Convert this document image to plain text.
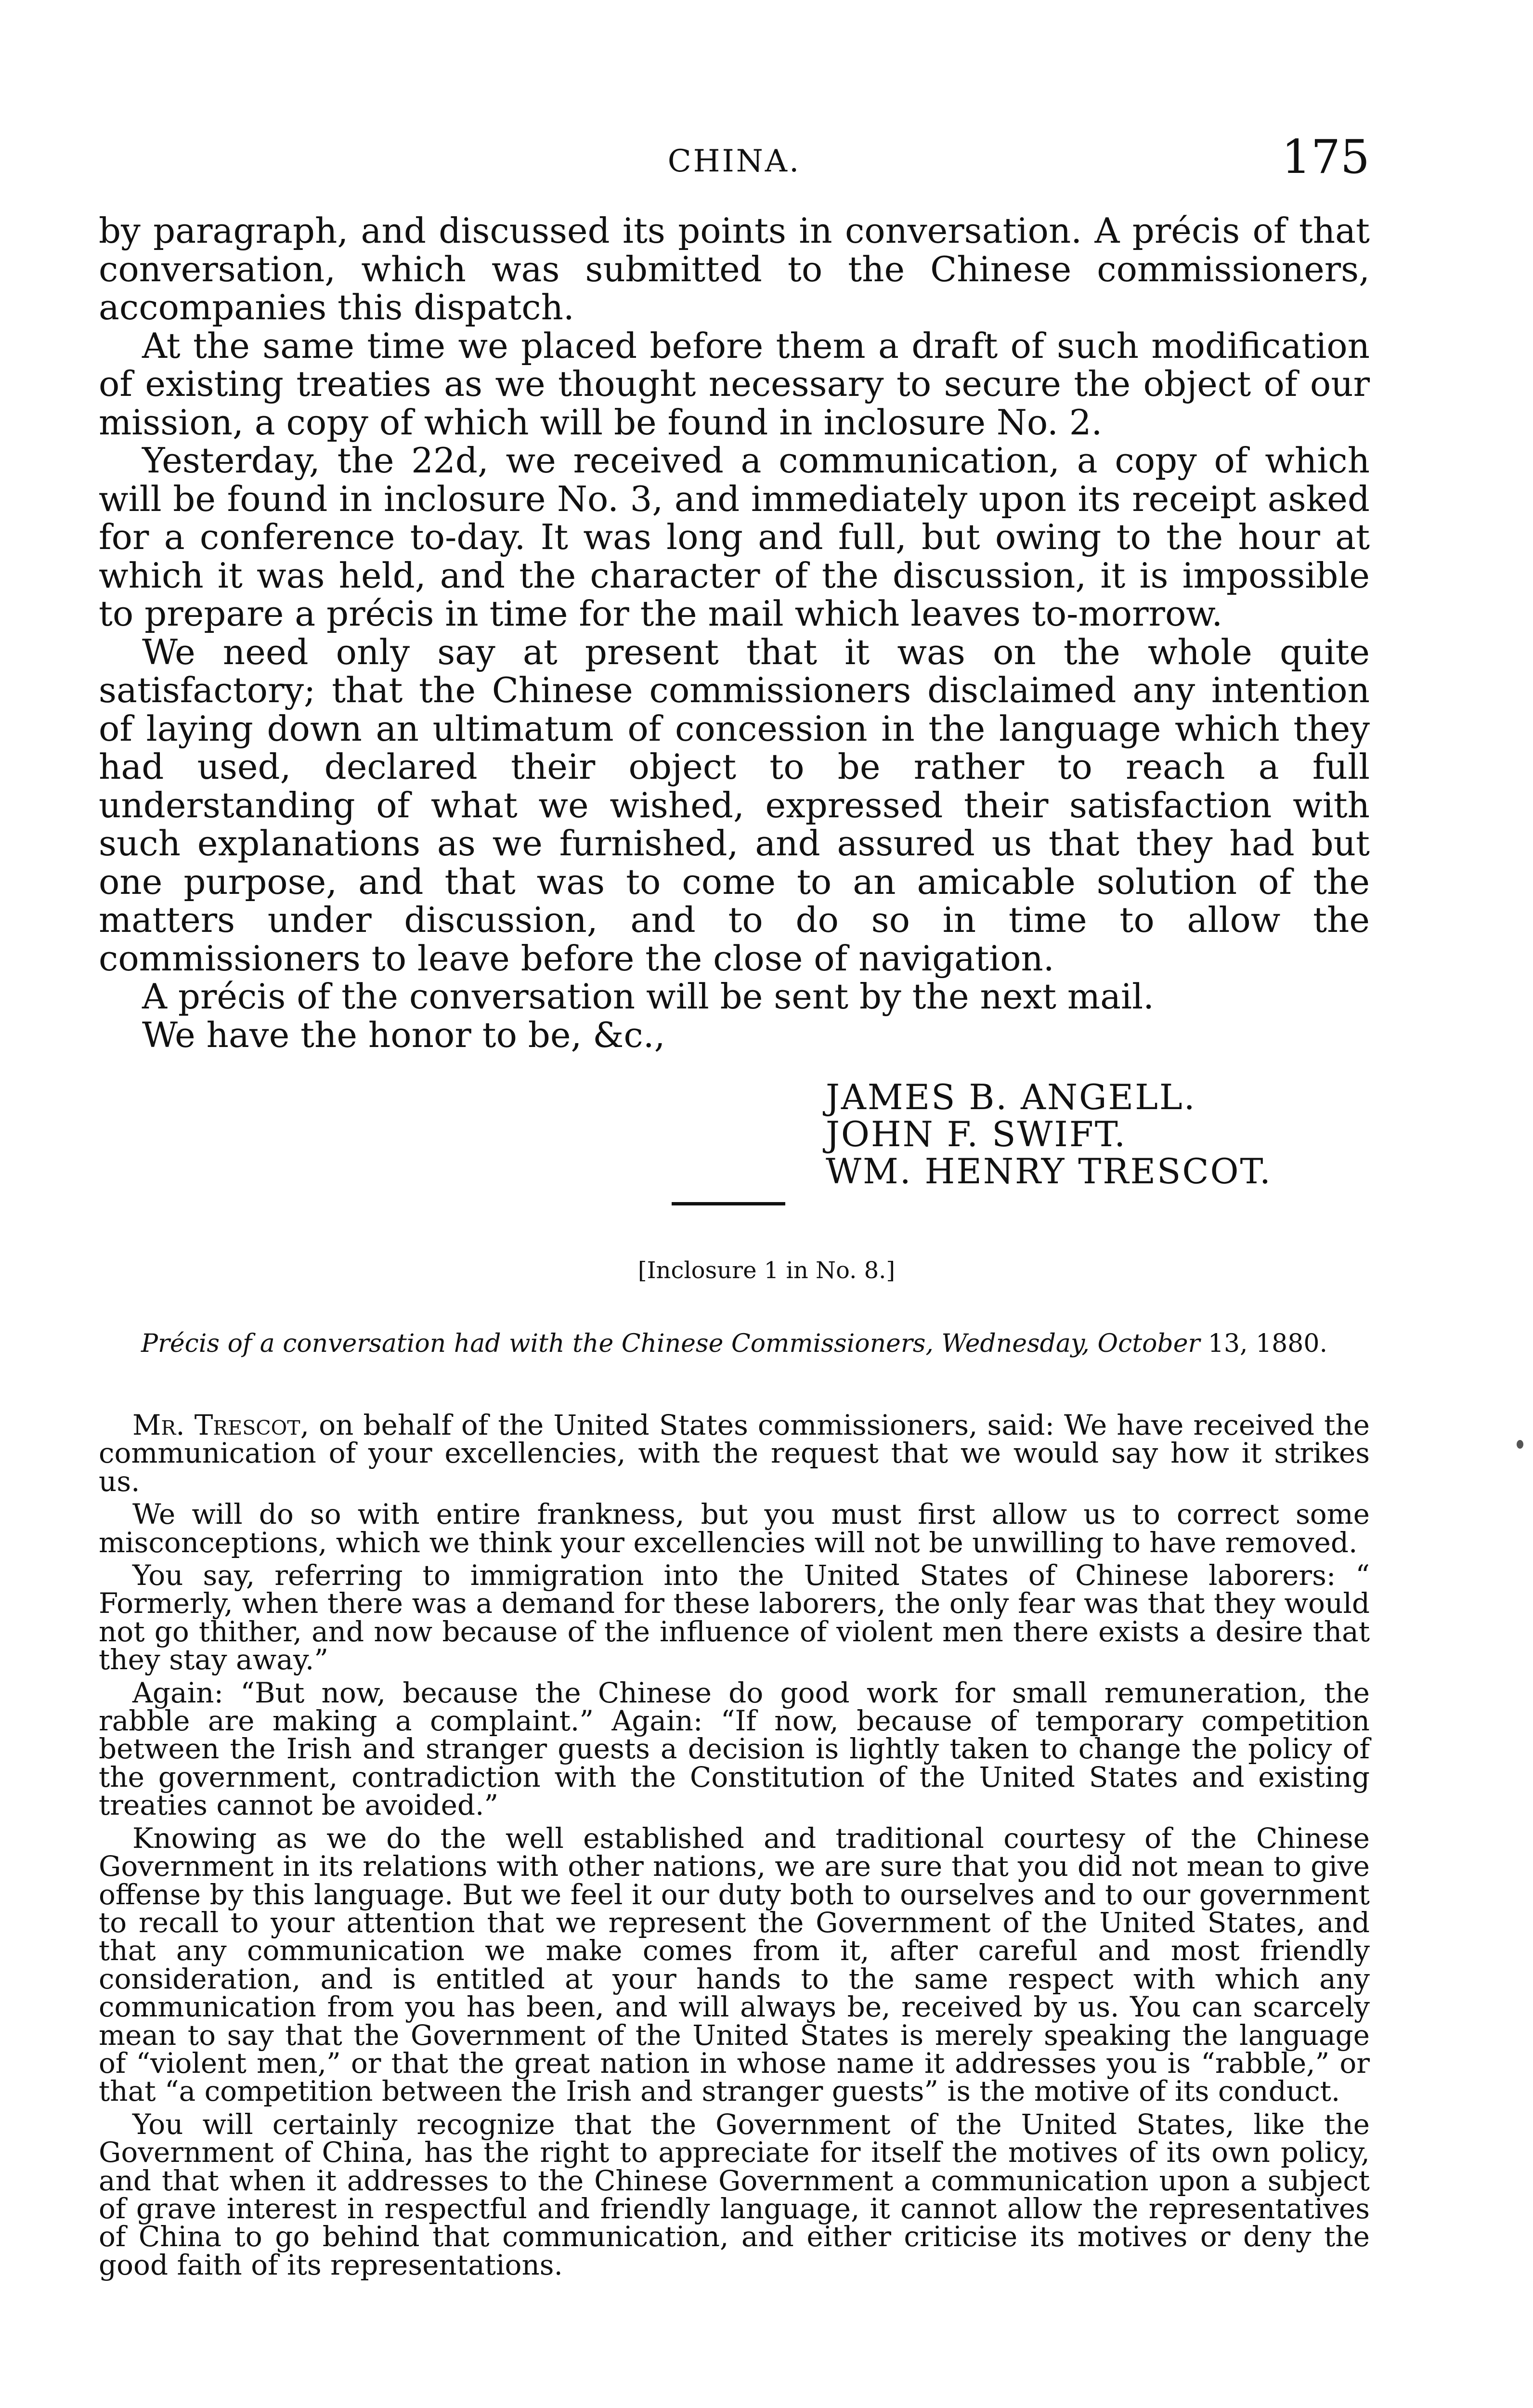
CHINA.	175

by paragraph, and discussed its points in conversation. A précis of that conversation, which was submitted to the Chinese commissioners, accompanies this dispatch.

At the same time we placed before them a draft of such modification of existing treaties as we thought necessary to secure the object of our mission, a copy of which will be found in inclosure No. 2.

Yesterday, the 22d, we received a communication, a copy of which will be found in inclosure No. 3, and immediately upon its receipt asked for a conference to-day. It was long and full, but owing to the hour at which it was held, and the character of the discussion, it is impossible to prepare a précis in time for the mail which leaves to-morrow.

We need only say at present that it was on the whole quite satisfactory; that the Chinese commissioners disclaimed any intention of laying down an ultimatum of concession in the language which they had used, declared their object to be rather to reach a full understanding of what we wished, expressed their satisfaction with such explanations as we furnished, and assured us that they had but one purpose, and that was to come to an amicable solution of the matters under discussion, and to do so in time to allow the commissioners to leave before the close of navigation.

A précis of the conversation will be sent by the next mail.

We have the honor to be, &c.,

JAMES B. ANGELL.
JOHN F. SWIFT.
WM. HENRY TRESCOT.
[Inclosure 1 in No. 8.]
Précis of a conversation had with the Chinese Commissioners, Wednesday, October 13, 1880.

Mr. Trescot, on behalf of the United States commissioners, said: We have received the communication of your excellencies, with the request that we would say how it strikes us.

We will do so with entire frankness, but you must first allow us to correct some misconceptions, which we think your excellencies will not be unwilling to have removed.

You say, referring to immigration into the United States of Chinese laborers: “ Formerly, when there was a demand for these laborers, the only fear was that they would not go thither, and now because of the influence of violent men there exists a desire that they stay away.”

Again: “But now, because the Chinese do good work for small remuneration, the rabble are making a complaint.” Again: “If now, because of temporary competition between the Irish and stranger guests a decision is lightly taken to change the policy of the government, contradiction with the Constitution of the United States and existing treaties cannot be avoided.”

Knowing as we do the well established and traditional courtesy of the Chinese Government in its relations with other nations, we are sure that you did not mean to give offense by this language. But we feel it our duty both to ourselves and to our government to recall to your attention that we represent the Government of the United States, and that any communication we make comes from it, after careful and most friendly consideration, and is entitled at your hands to the same respect with which any communication from you has been, and will always be, received by us. You can scarcely mean to say that the Government of the United States is merely speaking the language of “violent men,” or that the great nation in whose name it addresses you is “rabble,” or that “a competition between the Irish and stranger guests” is the motive of its conduct.

You will certainly recognize that the Government of the United States, like the Government of China, has the right to appreciate for itself the motives of its own policy, and that when it addresses to the Chinese Government a communication upon a subject of grave interest in respectful and friendly language, it cannot allow the representatives of China to go behind that communication, and either criticise its motives or deny the good faith of its representations.
